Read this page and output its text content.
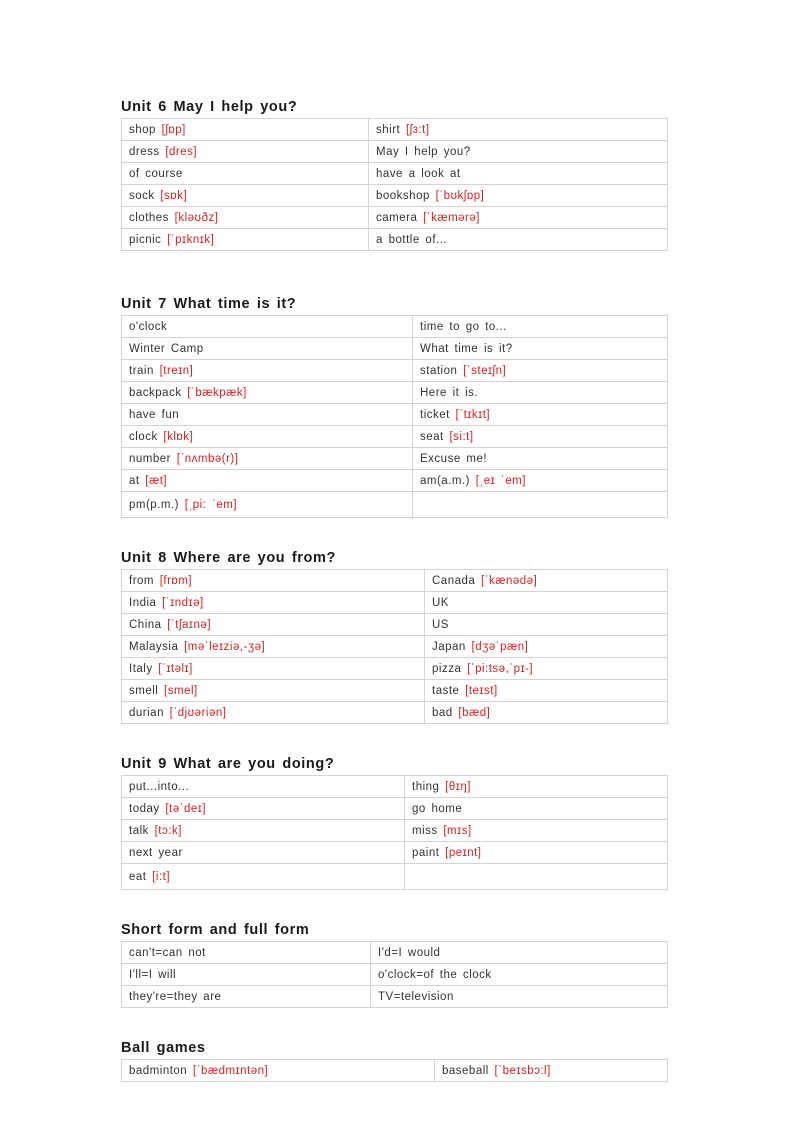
Unit 6 May I help you?
shop [ʃɒp]	shirt [ʃɜ:t]
dress [dres]	May I help you?
of course	have a look at
sock [sɒk]	bookshop [ˈbʊkʃɒp]
clothes [kləʊðz]	camera [ˈkæmərə]
picnic [ˈpɪknɪk]	a bottle of...
Unit 7 What time is it?
o'clock	time to go to...
Winter Camp	What time is it?
train [treɪn]	station [ˈsteɪʃn]
backpack [ˈbækpæk]	Here it is.
have fun	ticket [ˈtɪkɪt]
clock [klɒk]	seat [si:t]
number [ˈnʌmbə(r)]	Excuse me!
at [æt]	am(a.m.) [ˌeɪ ˈem]
pm(p.m.) [ˌpi: ˈem]	
Unit 8 Where are you from?
from [frɒm]	Canada [ˈkænədə]
India [ˈɪndɪə]	UK
China [ˈtʃaɪnə]	US
Malaysia [məˈleɪziə,-ʒə]	Japan [dʒəˈpæn]
Italy [ˈɪtəlɪ]	pizza [ˈpi:tsə,ˈpɪ-]
smell [smel]	taste [teɪst]
durian [ˈdjʊəriən]	bad [bæd]
Unit 9 What are you doing?
put...into...	thing [θɪŋ]
today [təˈdeɪ]	go home
talk [tɔ:k]	miss [mɪs]
next year	paint [peɪnt]
eat [i:t]	
Short form and full form
can't=can not	I'd=I would
I'll=I will	o'clock=of the clock
they're=they are	TV=television
Ball games
badminton [ˈbædmɪntən]	baseball [ˈbeɪsbɔ:l]
